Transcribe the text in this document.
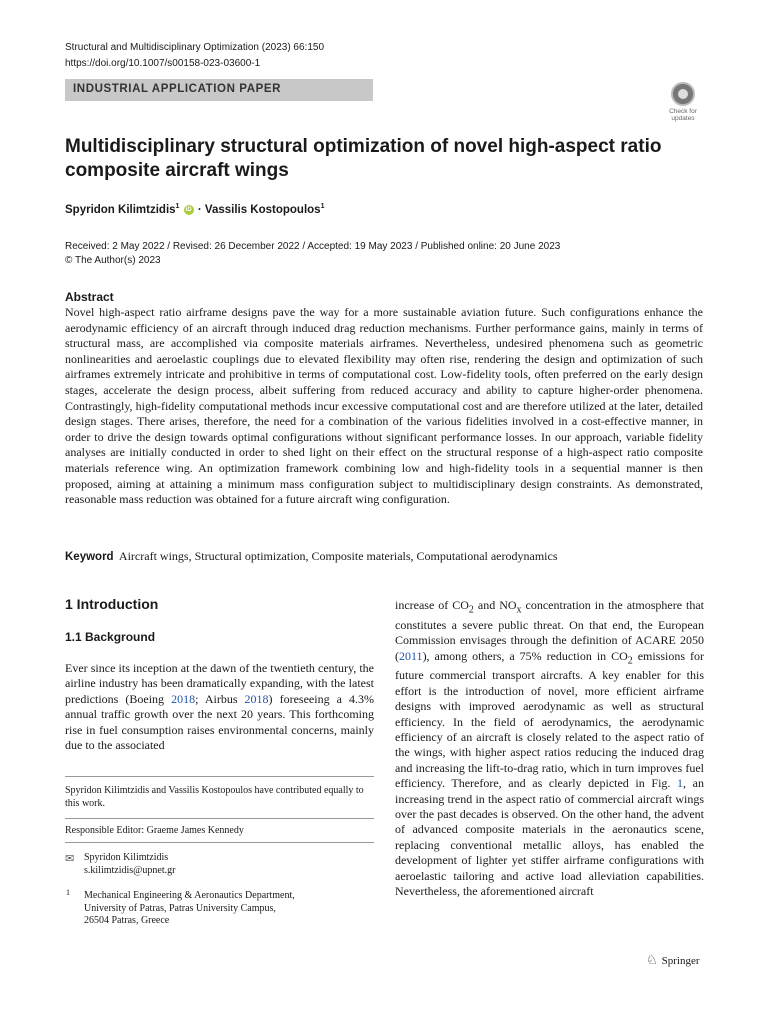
Structural and Multidisciplinary Optimization (2023) 66:150
https://doi.org/10.1007/s00158-023-03600-1
INDUSTRIAL APPLICATION PAPER
Check for updates
Multidisciplinary structural optimization of novel high-aspect ratio composite aircraft wings
Spyridon Kilimtzidis$^1$ iD · Vassilis Kostopoulos$^1$
Received: 2 May 2022 / Revised: 26 December 2022 / Accepted: 19 May 2023 / Published online: 20 June 2023
© The Author(s) 2023
Abstract
Novel high-aspect ratio airframe designs pave the way for a more sustainable aviation future. Such configurations enhance the aerodynamic efficiency of an aircraft through induced drag reduction mechanisms. Further performance gains, mainly in terms of structural mass, are accomplished via composite materials airframes. Nevertheless, undesired phenomena such as geometric nonlinearities and aeroelastic couplings due to elevated flexibility may often rise, rendering the design and optimization of such airframes extremely intricate and prohibitive in terms of computational cost. Low-fidelity tools, often preferred on the early design stages, accelerate the design process, albeit suffering from reduced accuracy and ability to capture higher-order phenomena. Contrastingly, high-fidelity computational methods incur excessive computational cost and are therefore utilized at the later, detailed design stages. There arises, therefore, the need for a combination of the various fidelities involved in a cost-effective manner, in order to drive the design towards optimal configurations without significant performance losses. In our approach, variable fidelity analyses are initially conducted in order to shed light on their effect on the structural response of a high-aspect ratio composite materials reference wing. An optimization framework combining low and high-fidelity tools in a sequential manner is then proposed, aiming at attaining a minimum mass configuration subject to multidisciplinary design constraints. As demonstrated, reasonable mass reduction was obtained for a future aircraft wing configuration.
Keyword Aircraft wings, Structural optimization, Composite materials, Computational aerodynamics
1 Introduction
1.1 Background
Ever since its inception at the dawn of the twentieth century, the airline industry has been dramatically expanding, with the latest predictions (Boeing 2018; Airbus 2018) foreseeing a 4.3% annual traffic growth over the next 20 years. This forthcoming rise in fuel consumption raises environmental concerns, mainly due to the associated
Spyridon Kilimtzidis and Vassilis Kostopoulos have contributed equally to this work.
Responsible Editor: Graeme James Kennedy
✉ Spyridon Kilimtzidis
s.kilimtzidis@upnet.gr
1 Mechanical Engineering & Aeronautics Department,
University of Patras, Patras University Campus,
26504 Patras, Greece
increase of $CO_2$ and $NO_x$ concentration in the atmosphere that constitutes a severe public threat. On that end, the European Commission envisages through the definition of ACARE 2050 (2011), among others, a 75% reduction in $CO_2$ emissions for future commercial transport aircrafts. A key enabler for this effort is the introduction of novel, more efficient airframe designs with improved aerodynamic as well as structural efficiency. In the field of aerodynamics, the aerodynamic efficiency of an aircraft is closely related to the aspect ratio of the wings, with higher aspect ratios reducing the induced drag and increasing the lift-to-drag ratio, which in turn improves fuel efficiency. Therefore, and as clearly depicted in Fig. 1, an increasing trend in the aspect ratio of commercial aircraft wings over the past decades is observed. On the other hand, the advent of advanced composite materials in the aeronautics scene, replacing conventional metallic alloys, has enabled the development of lighter yet stiffer airframe configurations with aeroelastic tailoring and active load alleviation capabilities. Nevertheless, the aforementioned aircraft
♘ Springer
